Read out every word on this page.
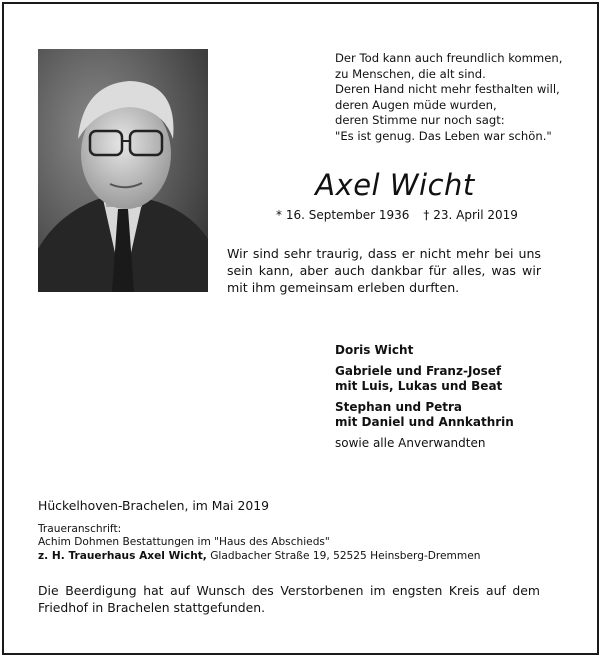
Der Tod kann auch freundlich kommen,
zu Menschen, die alt sind.
Deren Hand nicht mehr festhalten will,
deren Augen müde wurden,
deren Stimme nur noch sagt:
"Es ist genug. Das Leben war schön."
Axel Wicht
* 16. September 1936 † 23. April 2019
Wir sind sehr traurig, dass er nicht mehr bei uns sein kann, aber auch dankbar für alles, was wir mit ihm gemeinsam erleben durften.
Doris Wicht
Gabriele und Franz-Josef
mit Luis, Lukas und Beat
Stephan und Petra
mit Daniel und Annkathrin
sowie alle Anverwandten
Hückelhoven-Brachelen, im Mai 2019
Traueranschrift:
Achim Dohmen Bestattungen im "Haus des Abschieds"
z. H. Trauerhaus Axel Wicht, Gladbacher Straße 19, 52525 Heinsberg-Dremmen
Die Beerdigung hat auf Wunsch des Verstorbenen im engsten Kreis auf dem Friedhof in Brachelen stattgefunden.
